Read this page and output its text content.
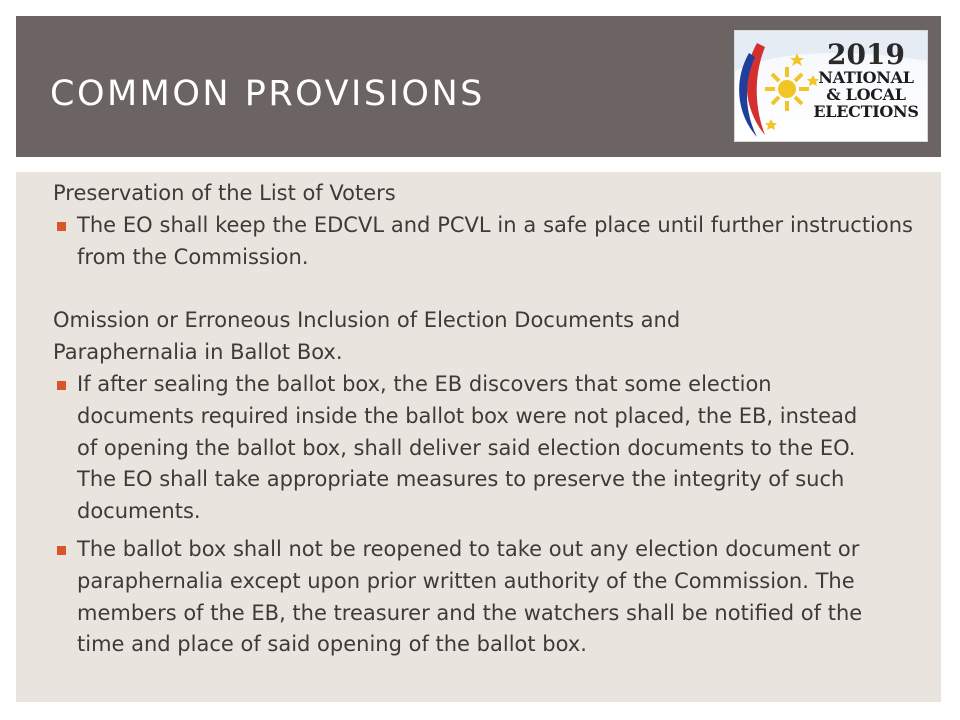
COMMON PROVISIONS
2019
NATIONAL
& LOCAL
ELECTIONS

Preservation of the List of Voters

The EO shall keep the EDCVL and PCVL in a safe place until further instructions from the Commission.

Omission or Erroneous Inclusion of Election Documents and Paraphernalia in Ballot Box.

If after sealing the ballot box, the EB discovers that some election documents required inside the ballot box were not placed, the EB, instead of opening the ballot box, shall deliver said election documents to the EO. The EO shall take appropriate measures to preserve the integrity of such documents.

The ballot box shall not be reopened to take out any election document or paraphernalia except upon prior written authority of the Commission. The members of the EB, the treasurer and the watchers shall be notified of the time and place of said opening of the ballot box.
